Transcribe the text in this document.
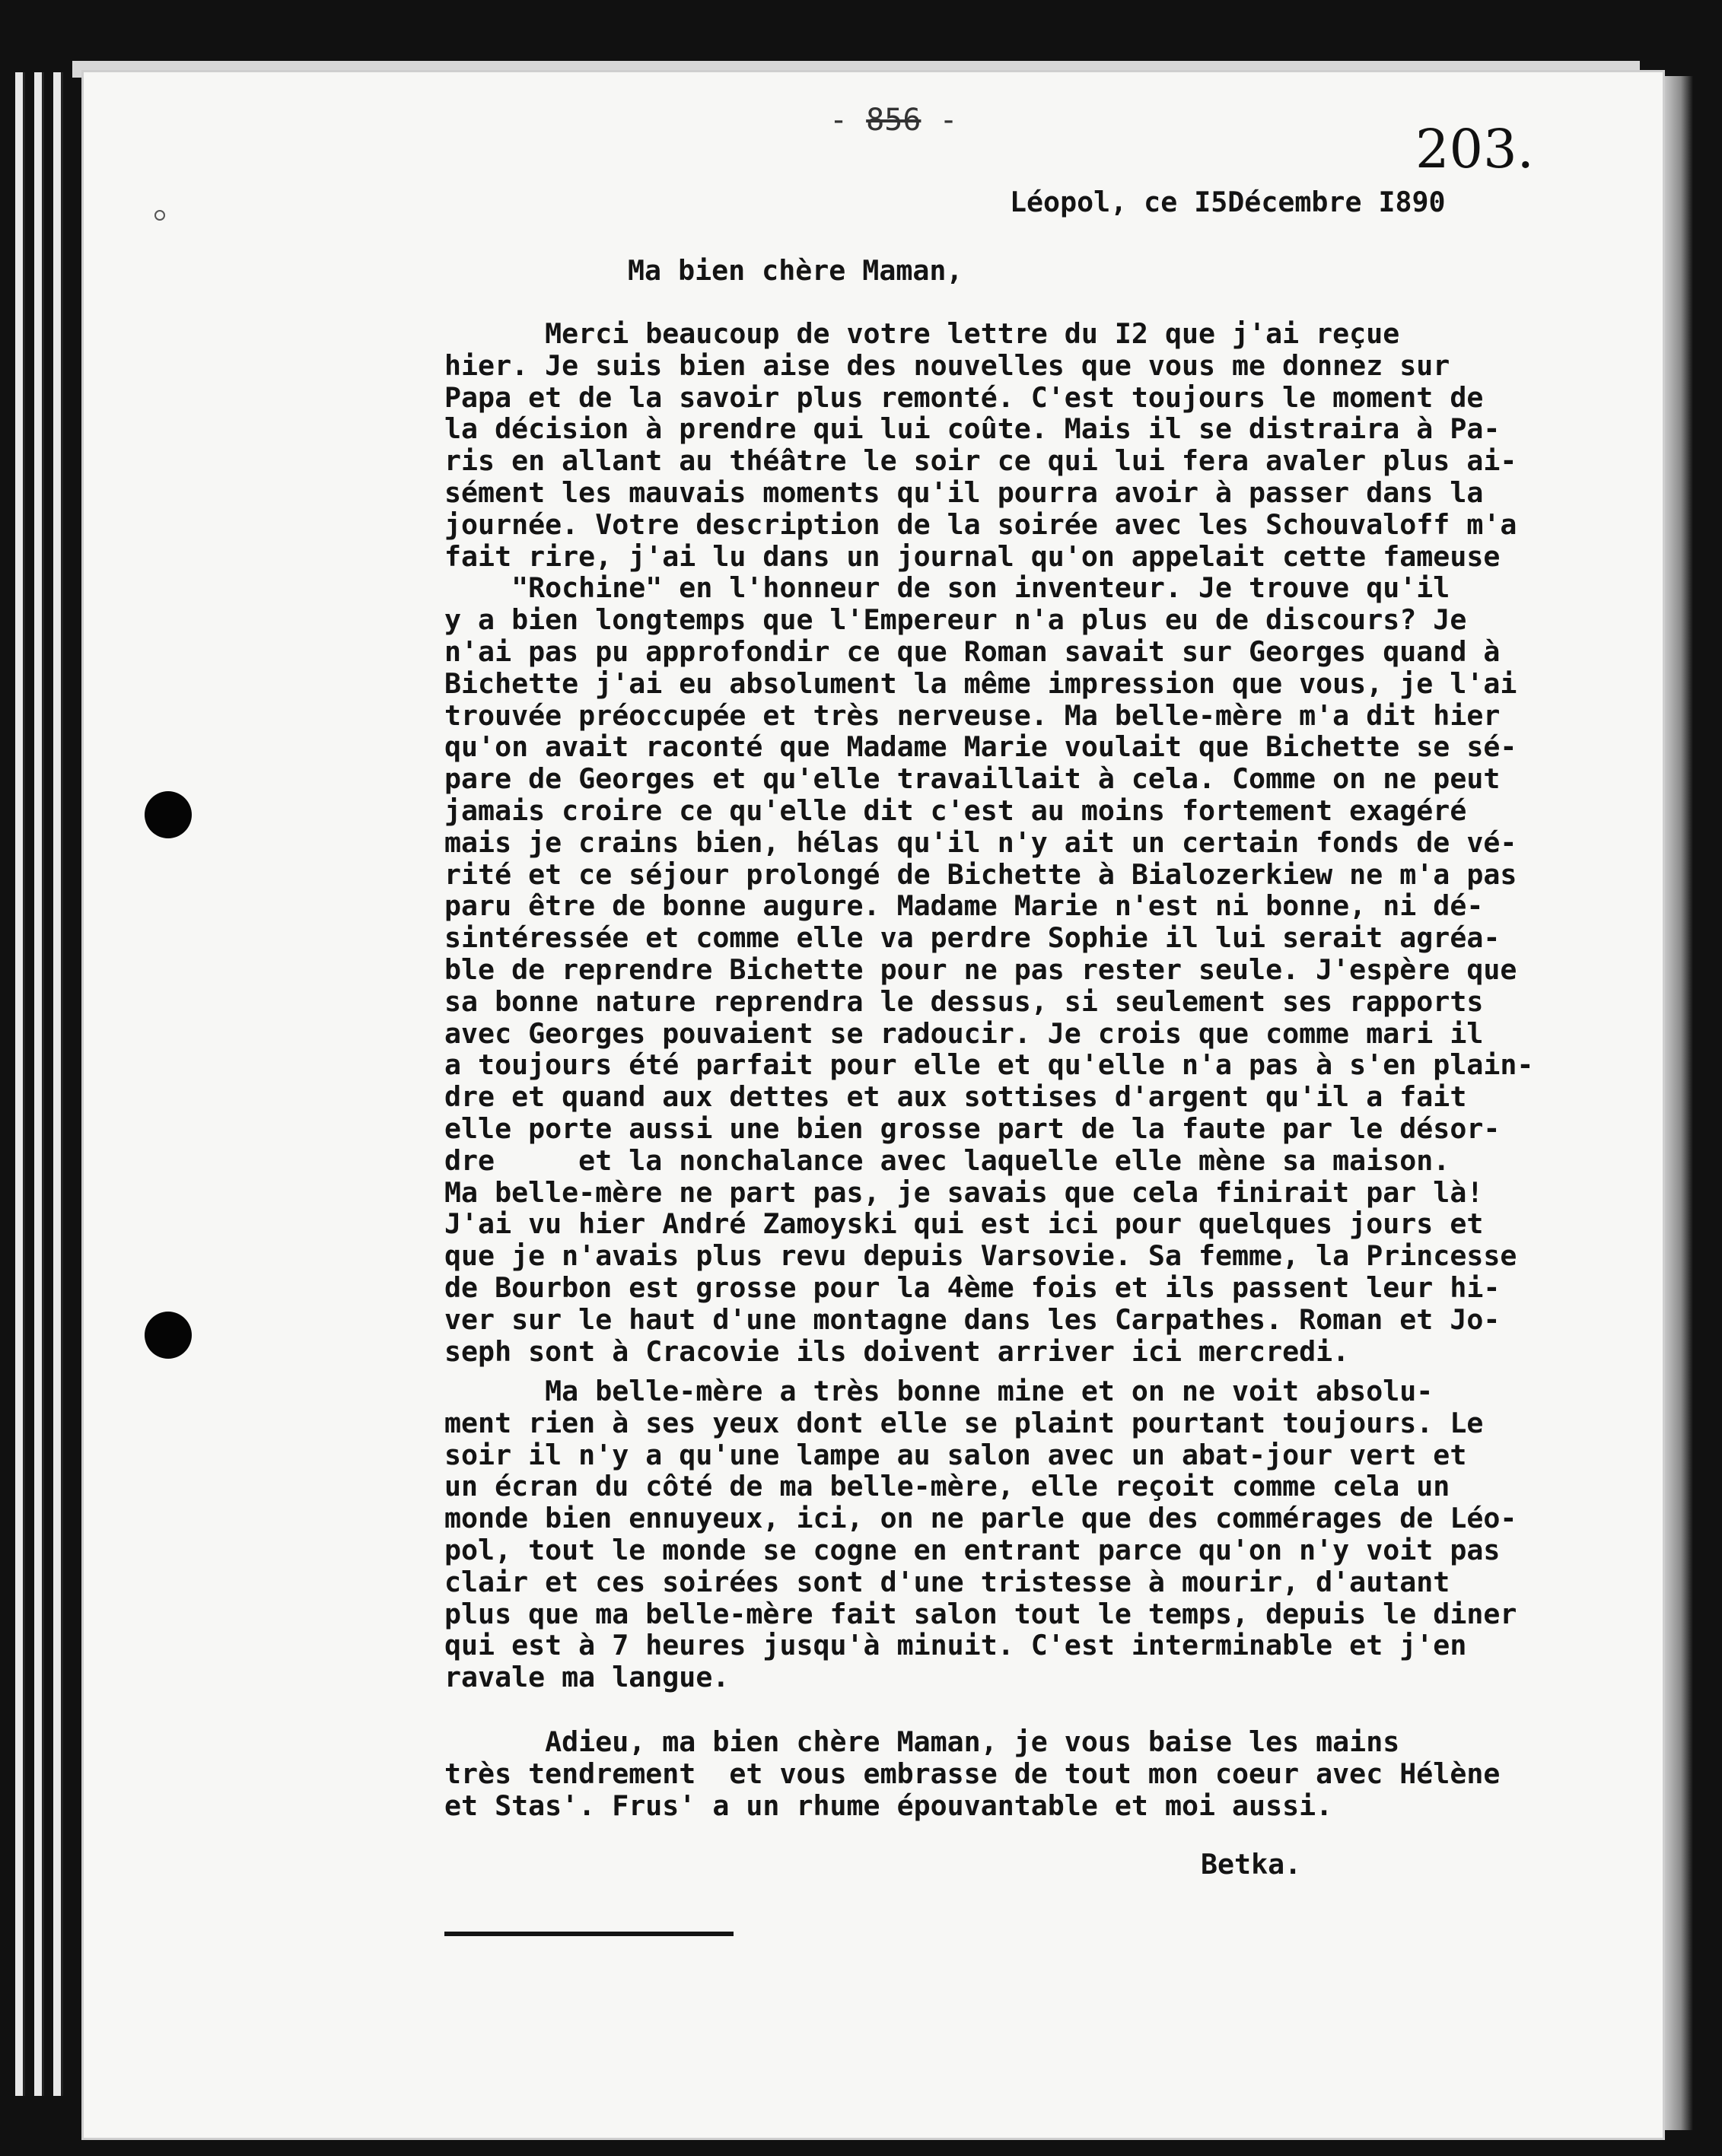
- 856 -	203.
Léopol, ce I5Décembre I890
Ma bien chère Maman,
Merci beaucoup de votre lettre du I2 que j'ai reçue
hier. Je suis bien aise des nouvelles que vous me donnez sur
Papa et de la savoir plus remonté. C'est toujours le moment de
la décision à prendre qui lui coûte. Mais il se distraira à Pa-
ris en allant au théâtre le soir ce qui lui fera avaler plus ai-
sément les mauvais moments qu'il pourra avoir à passer dans la
journée. Votre description de la soirée avec les Schouvaloff m'a
fait rire, j'ai lu dans un journal qu'on appelait cette fameuse
"Rochine" en l'honneur de son inventeur. Je trouve qu'il
y a bien longtemps que l'Empereur n'a plus eu de discours? Je
n'ai pas pu approfondir ce que Roman savait sur Georges quand à
Bichette j'ai eu absolument la même impression que vous, je l'ai
trouvée préoccupée et très nerveuse. Ma belle-mère m'a dit hier
qu'on avait raconté que Madame Marie voulait que Bichette se sé-
pare de Georges et qu'elle travaillait à cela. Comme on ne peut
jamais croire ce qu'elle dit c'est au moins fortement exagéré
mais je crains bien, hélas qu'il n'y ait un certain fonds de vé-
rité et ce séjour prolongé de Bichette à Bialozerkiew ne m'a pas
paru être de bonne augure. Madame Marie n'est ni bonne, ni dé-
sintéressée et comme elle va perdre Sophie il lui serait agréa-
ble de reprendre Bichette pour ne pas rester seule. J'espère que
sa bonne nature reprendra le dessus, si seulement ses rapports
avec Georges pouvaient se radoucir. Je crois que comme mari il
a toujours été parfait pour elle et qu'elle n'a pas à s'en plain-
dre et quand aux dettes et aux sottises d'argent qu'il a fait
elle porte aussi une bien grosse part de la faute par le désor-
dre     et la nonchalance avec laquelle elle mène sa maison.
Ma belle-mère ne part pas, je savais que cela finirait par là!
J'ai vu hier André Zamoyski qui est ici pour quelques jours et
que je n'avais plus revu depuis Varsovie. Sa femme, la Princesse
de Bourbon est grosse pour la 4ème fois et ils passent leur hi-
ver sur le haut d'une montagne dans les Carpathes. Roman et Jo-
seph sont à Cracovie ils doivent arriver ici mercredi.
Ma belle-mère a très bonne mine et on ne voit absolu-
ment rien à ses yeux dont elle se plaint pourtant toujours. Le
soir il n'y a qu'une lampe au salon avec un abat-jour vert et
un écran du côté de ma belle-mère, elle reçoit comme cela un
monde bien ennuyeux, ici, on ne parle que des commérages de Léo-
pol, tout le monde se cogne en entrant parce qu'on n'y voit pas
clair et ces soirées sont d'une tristesse à mourir, d'autant
plus que ma belle-mère fait salon tout le temps, depuis le diner
qui est à 7 heures jusqu'à minuit. C'est interminable et j'en
ravale ma langue.
Adieu, ma bien chère Maman, je vous baise les mains
très tendrement  et vous embrasse de tout mon coeur avec Hélène
et Stas'. Frus' a un rhume épouvantable et moi aussi.
Betka.
